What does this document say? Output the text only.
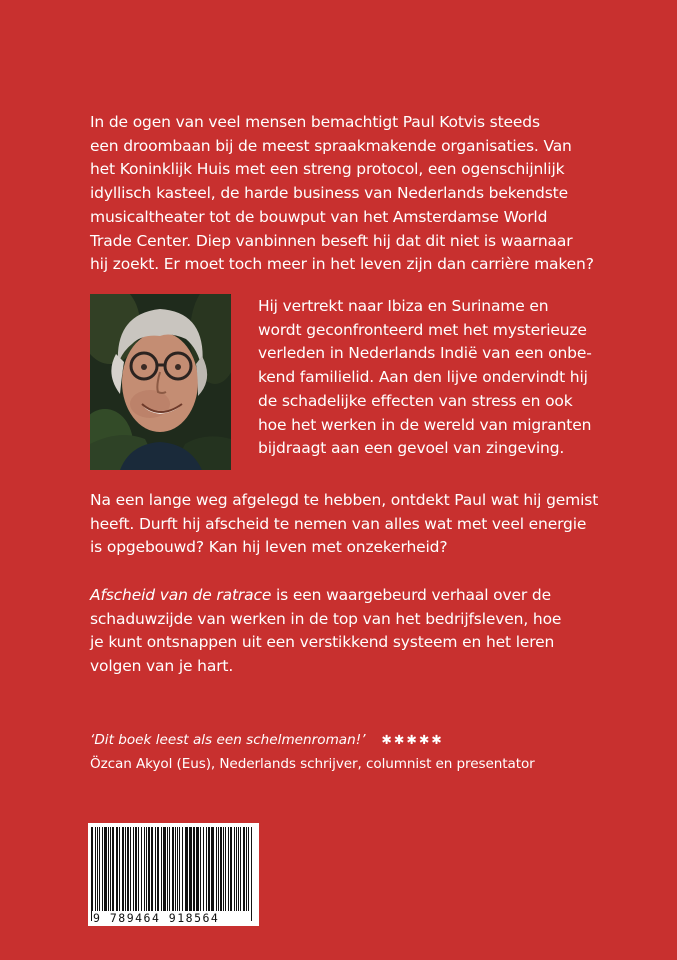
In de ogen van veel mensen bemachtigt Paul Kotvis steeds
een droombaan bij de meest spraakmakende organisaties. Van
het Koninklijk Huis met een streng protocol, een ogenschijnlijk
idyllisch kasteel, de harde business van Nederlands bekendste
musicaltheater tot de bouwput van het Amsterdamse World
Trade Center. Diep vanbinnen beseft hij dat dit niet is waarnaar
hij zoekt. Er moet toch meer in het leven zijn dan carrière maken?
Hij vertrekt naar Ibiza en Suriname en
wordt geconfronteerd met het mysterieuze
verleden in Nederlands Indië van een onbe-
kend familielid. Aan den lijve ondervindt hij
de schadelijke effecten van stress en ook
hoe het werken in de wereld van migranten
bijdraagt aan een gevoel van zingeving.
Na een lange weg afgelegd te hebben, ontdekt Paul wat hij gemist
heeft. Durft hij afscheid te nemen van alles wat met veel energie
is opgebouwd? Kan hij leven met onzekerheid?
Afscheid van de ratrace is een waargebeurd verhaal over de
schaduwzijde van werken in de top van het bedrijfsleven, hoe
je kunt ontsnappen uit een verstikkend systeem en het leren
volgen van je hart.
‘Dit boek leest als een schelmenroman!’ ✱✱✱✱✱
Özcan Akyol (Eus), Nederlands schrijver, columnist en presentator
9 789464 918564
